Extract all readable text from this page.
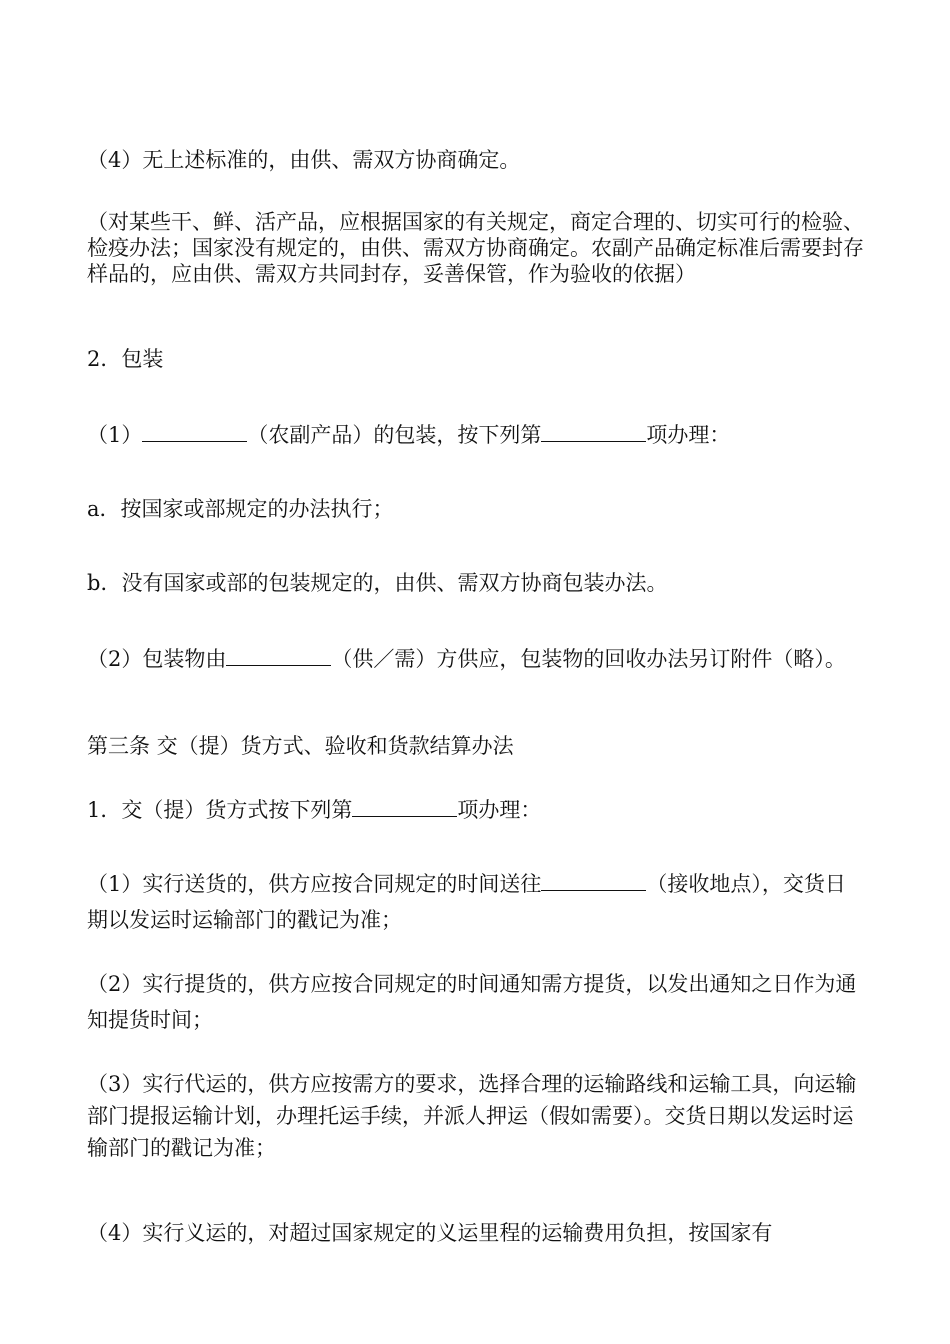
（4）无上述标准的，由供、需双方协商确定。

（对某些干、鲜、活产品，应根据国家的有关规定，商定合理的、切实可行的检验、检疫办法；国家没有规定的，由供、需双方协商确定。农副产品确定标准后需要封存样品的，应由供、需双方共同封存，妥善保管，作为验收的依据）

2．包装

（1）	（农副产品）的包装，按下列第	项办理：

a．按国家或部规定的办法执行；

b．没有国家或部的包装规定的，由供、需双方协商包装办法。

（2）包装物由	（供／需）方供应，包装物的回收办法另订附件（略）。

第三条 交（提）货方式、验收和货款结算办法

1．交（提）货方式按下列第	项办理：

（1）实行送货的，供方应按合同规定的时间送往	（接收地点），交货日期以发运时运输部门的戳记为准；

（2）实行提货的，供方应按合同规定的时间通知需方提货，以发出通知之日作为通知提货时间；

（3）实行代运的，供方应按需方的要求，选择合理的运输路线和运输工具，向运输部门提报运输计划，办理托运手续，并派人押运（假如需要）。交货日期以发运时运输部门的戳记为准；

（4）实行义运的，对超过国家规定的义运里程的运输费用负担，按国家有
